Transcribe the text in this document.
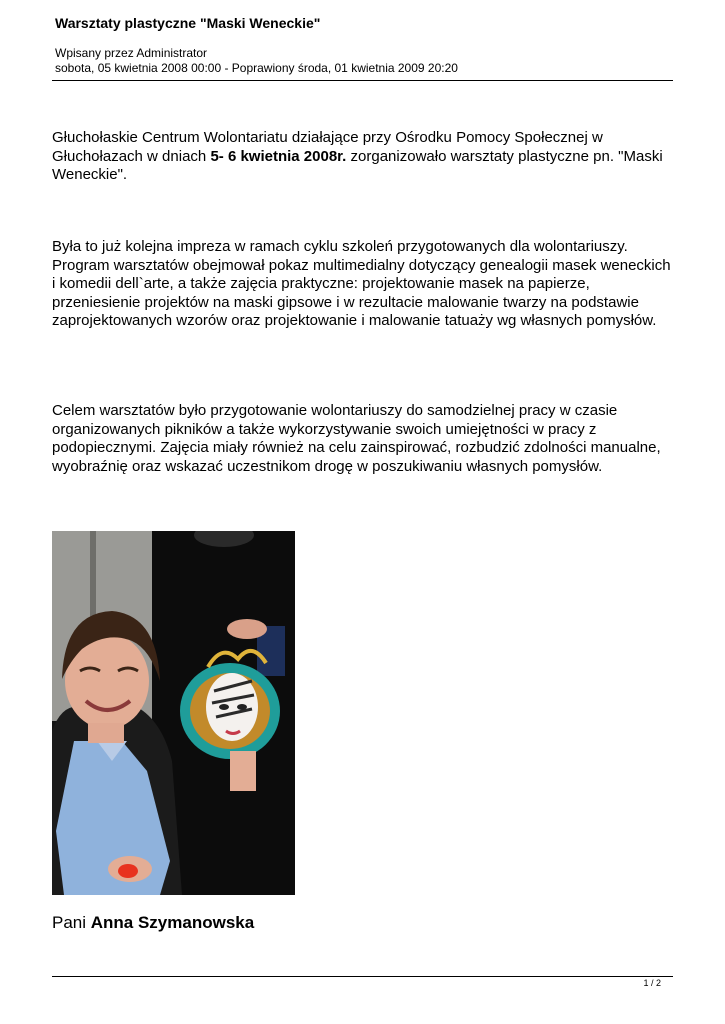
Warsztaty plastyczne "Maski Weneckie"
Wpisany przez Administrator
sobota, 05 kwietnia 2008 00:00 - Poprawiony środa, 01 kwietnia 2009 20:20
Głuchołaskie Centrum Wolontariatu działające przy Ośrodku Pomocy Społecznej w Głuchołazach w dniach 5- 6 kwietnia 2008r. zorganizowało warsztaty plastyczne pn. "Maski Weneckie".
Była to już kolejna impreza w ramach cyklu szkoleń przygotowanych dla wolontariuszy. Program warsztatów obejmował pokaz multimedialny dotyczący genealogii masek weneckich i komedii dell`arte, a także zajęcia praktyczne: projektowanie masek na papierze, przeniesienie projektów na maski gipsowe i w rezultacie malowanie twarzy na podstawie zaprojektowanych wzorów oraz projektowanie i malowanie tatuaży wg własnych pomysłów.
Celem warsztatów było przygotowanie wolontariuszy do samodzielnej pracy w czasie organizowanych pikników a także wykorzystywanie swoich umiejętności w pracy z podopiecznymi. Zajęcia miały również na celu zainspirować, rozbudzić zdolności manualne, wyobraźnię oraz wskazać uczestnikom drogę w poszukiwaniu własnych pomysłów.
Pani Anna Szymanowska
1 / 2
